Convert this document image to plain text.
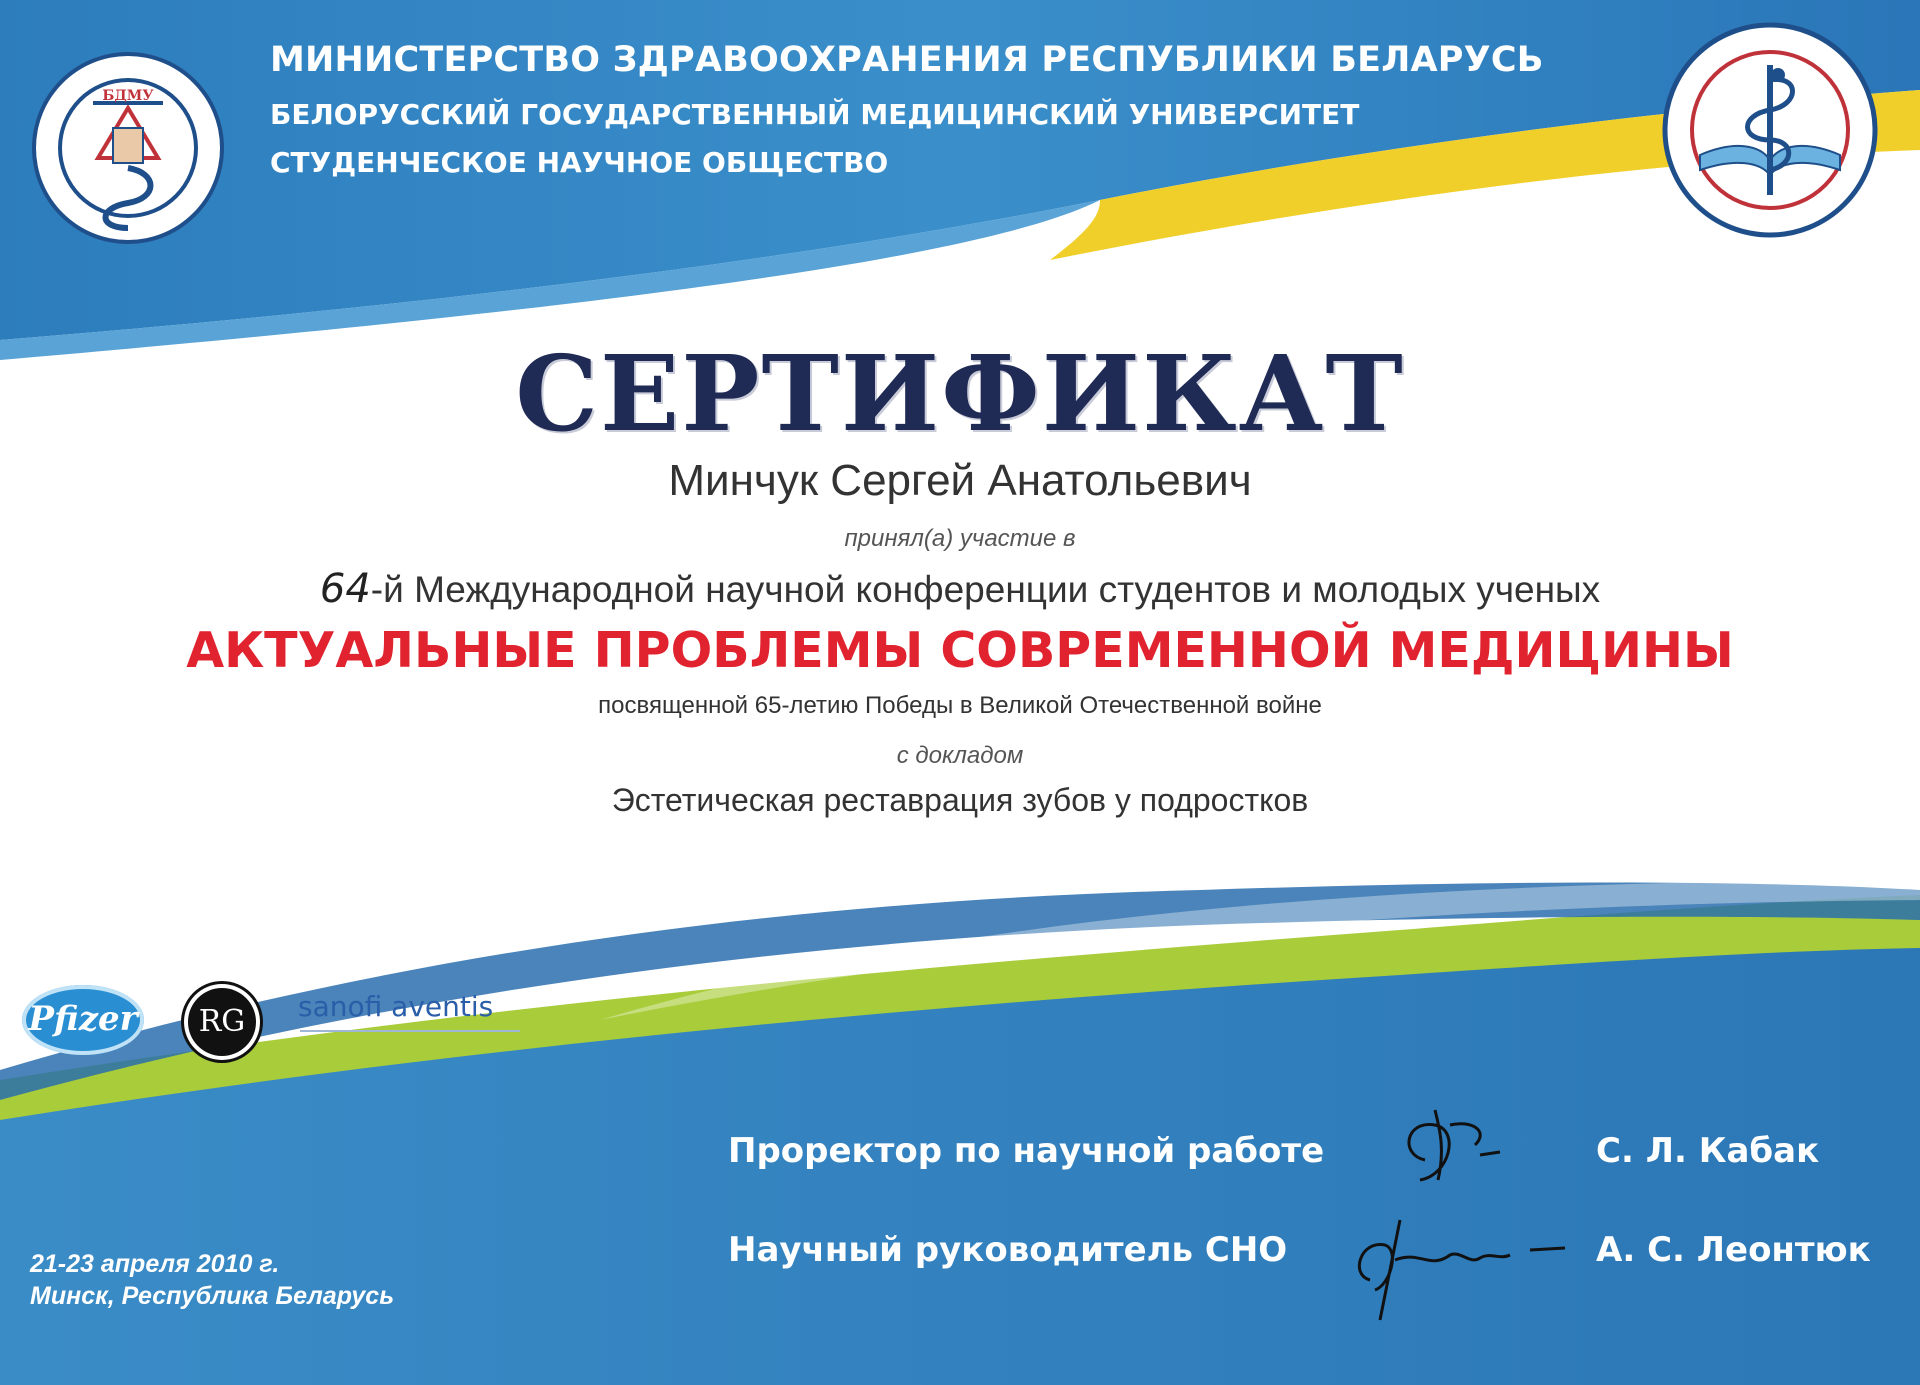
БДМУ
МИНИСТЕРСТВО ЗДРАВООХРАНЕНИЯ РЕСПУБЛИКИ БЕЛАРУСЬ
БЕЛОРУССКИЙ ГОСУДАРСТВЕННЫЙ МЕДИЦИНСКИЙ УНИВЕРСИТЕТ
СТУДЕНЧЕСКОЕ НАУЧНОЕ ОБЩЕСТВО
СЕРТИФИКАТ
Минчук Сергей Анатольевич
принял(а) участие в
64-й Международной научной конференции студентов и молодых ученых
АКТУАЛЬНЫЕ ПРОБЛЕМЫ СОВРЕМЕННОЙ МЕДИЦИНЫ
посвященной 65-летию Победы в Великой Отечественной войне
с докладом
Эстетическая реставрация зубов у подростков
Pfizer	RG	sanofi aventis
Проректор по научной работе	С. Л. Кабак
Научный руководитель СНО	А. С. Леонтюк
21-23 апреля 2010 г.
Минск, Республика Беларусь
